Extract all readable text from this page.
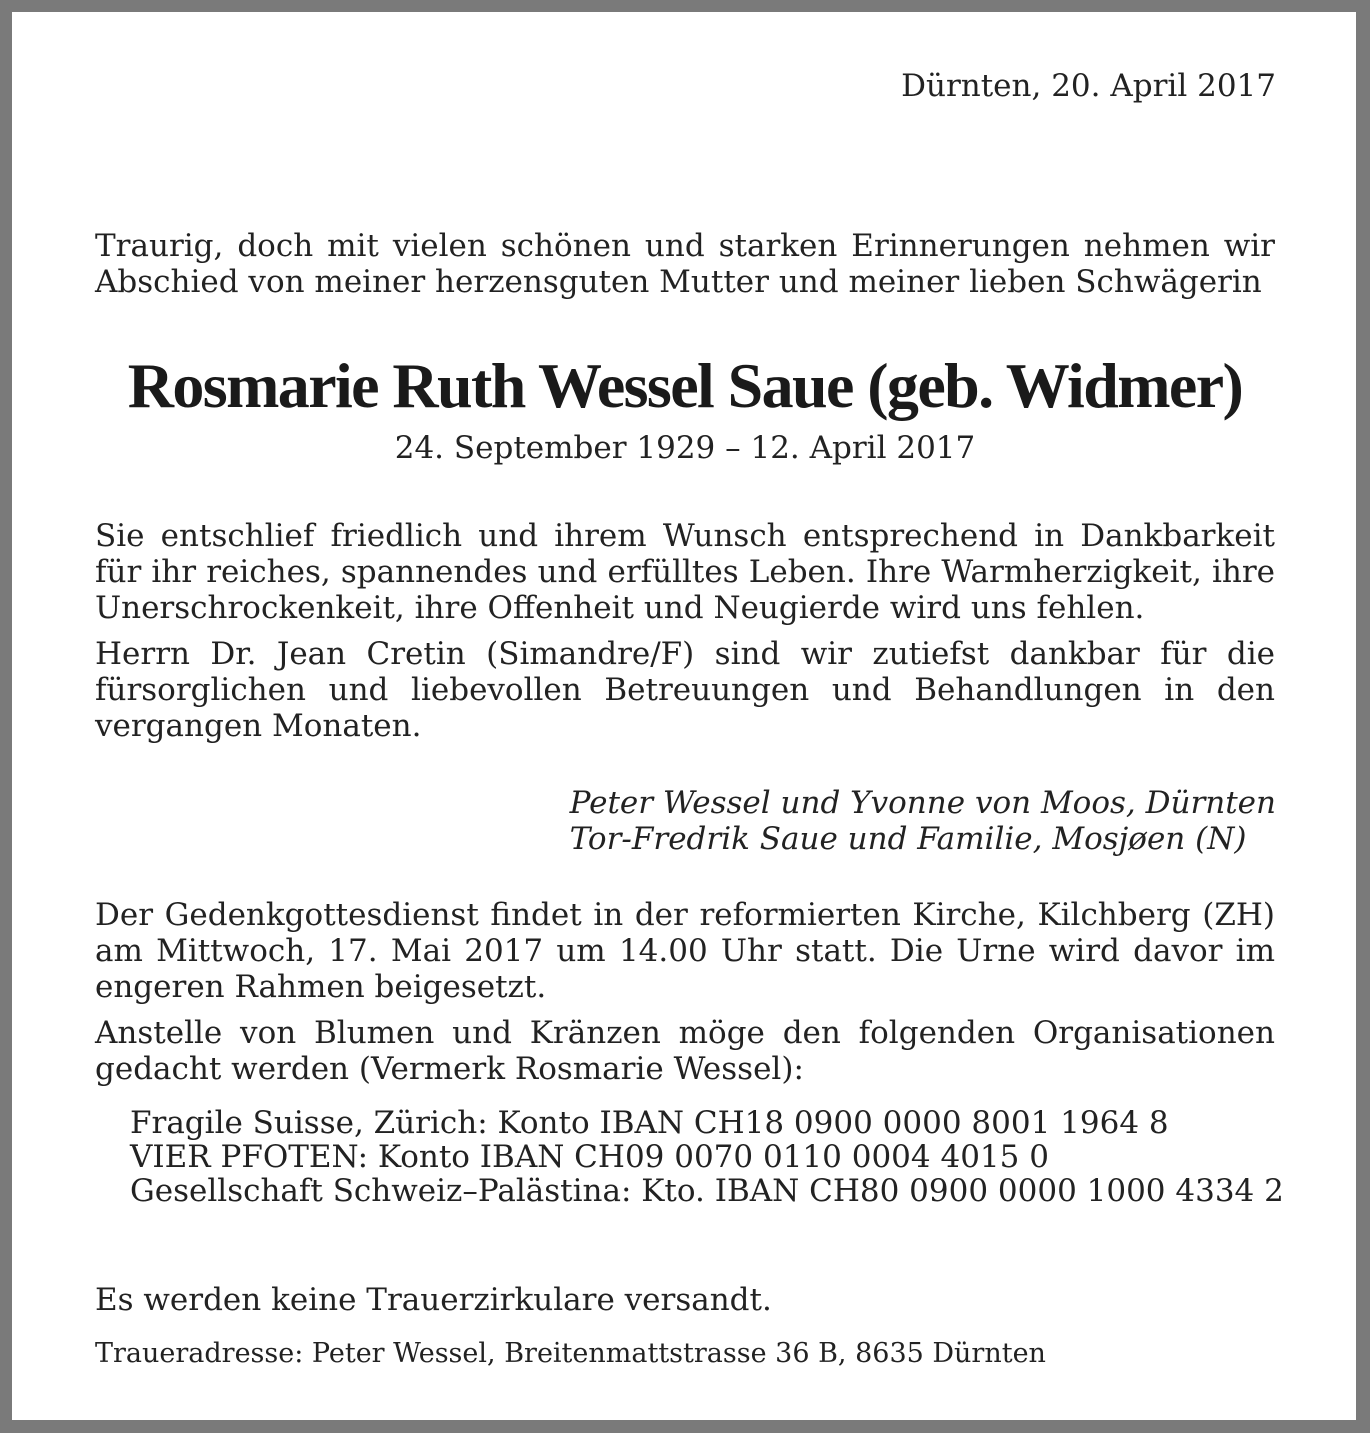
Dürnten, 20. April 2017

Traurig, doch mit vielen schönen und starken Erinnerungen nehmen wir Abschied von meiner herzensguten Mutter und meiner lieben Schwägerin

Rosmarie Ruth Wessel Saue (geb. Widmer)
24. September 1929 – 12. April 2017

Sie entschlief friedlich und ihrem Wunsch entsprechend in Dankbarkeit für ihr reiches, spannendes und erfülltes Leben. Ihre Warmherzigkeit, ihre Unerschrockenkeit, ihre Offenheit und Neugierde wird uns fehlen.

Herrn Dr. Jean Cretin (Simandre/F) sind wir zutiefst dankbar für die fürsorglichen und liebevollen Betreuungen und Behandlungen in den vergangen Monaten.

Peter Wessel und Yvonne von Moos, Dürnten
Tor-Fredrik Saue und Familie, Mosjøen (N)

Der Gedenkgottesdienst findet in der reformierten Kirche, Kilchberg (ZH) am Mittwoch, 17. Mai 2017 um 14.00 Uhr statt. Die Urne wird davor im engeren Rahmen beigesetzt.

Anstelle von Blumen und Kränzen möge den folgenden Organisationen gedacht werden (Vermerk Rosmarie Wessel):

Fragile Suisse, Zürich: Konto IBAN CH18 0900 0000 8001 1964 8
VIER PFOTEN: Konto IBAN CH09 0070 0110 0004 4015 0
Gesellschaft Schweiz–Palästina: Kto. IBAN CH80 0900 0000 1000 4334 2
Es werden keine Trauerzirkulare versandt.
Traueradresse: Peter Wessel, Breitenmattstrasse 36 B, 8635 Dürnten
